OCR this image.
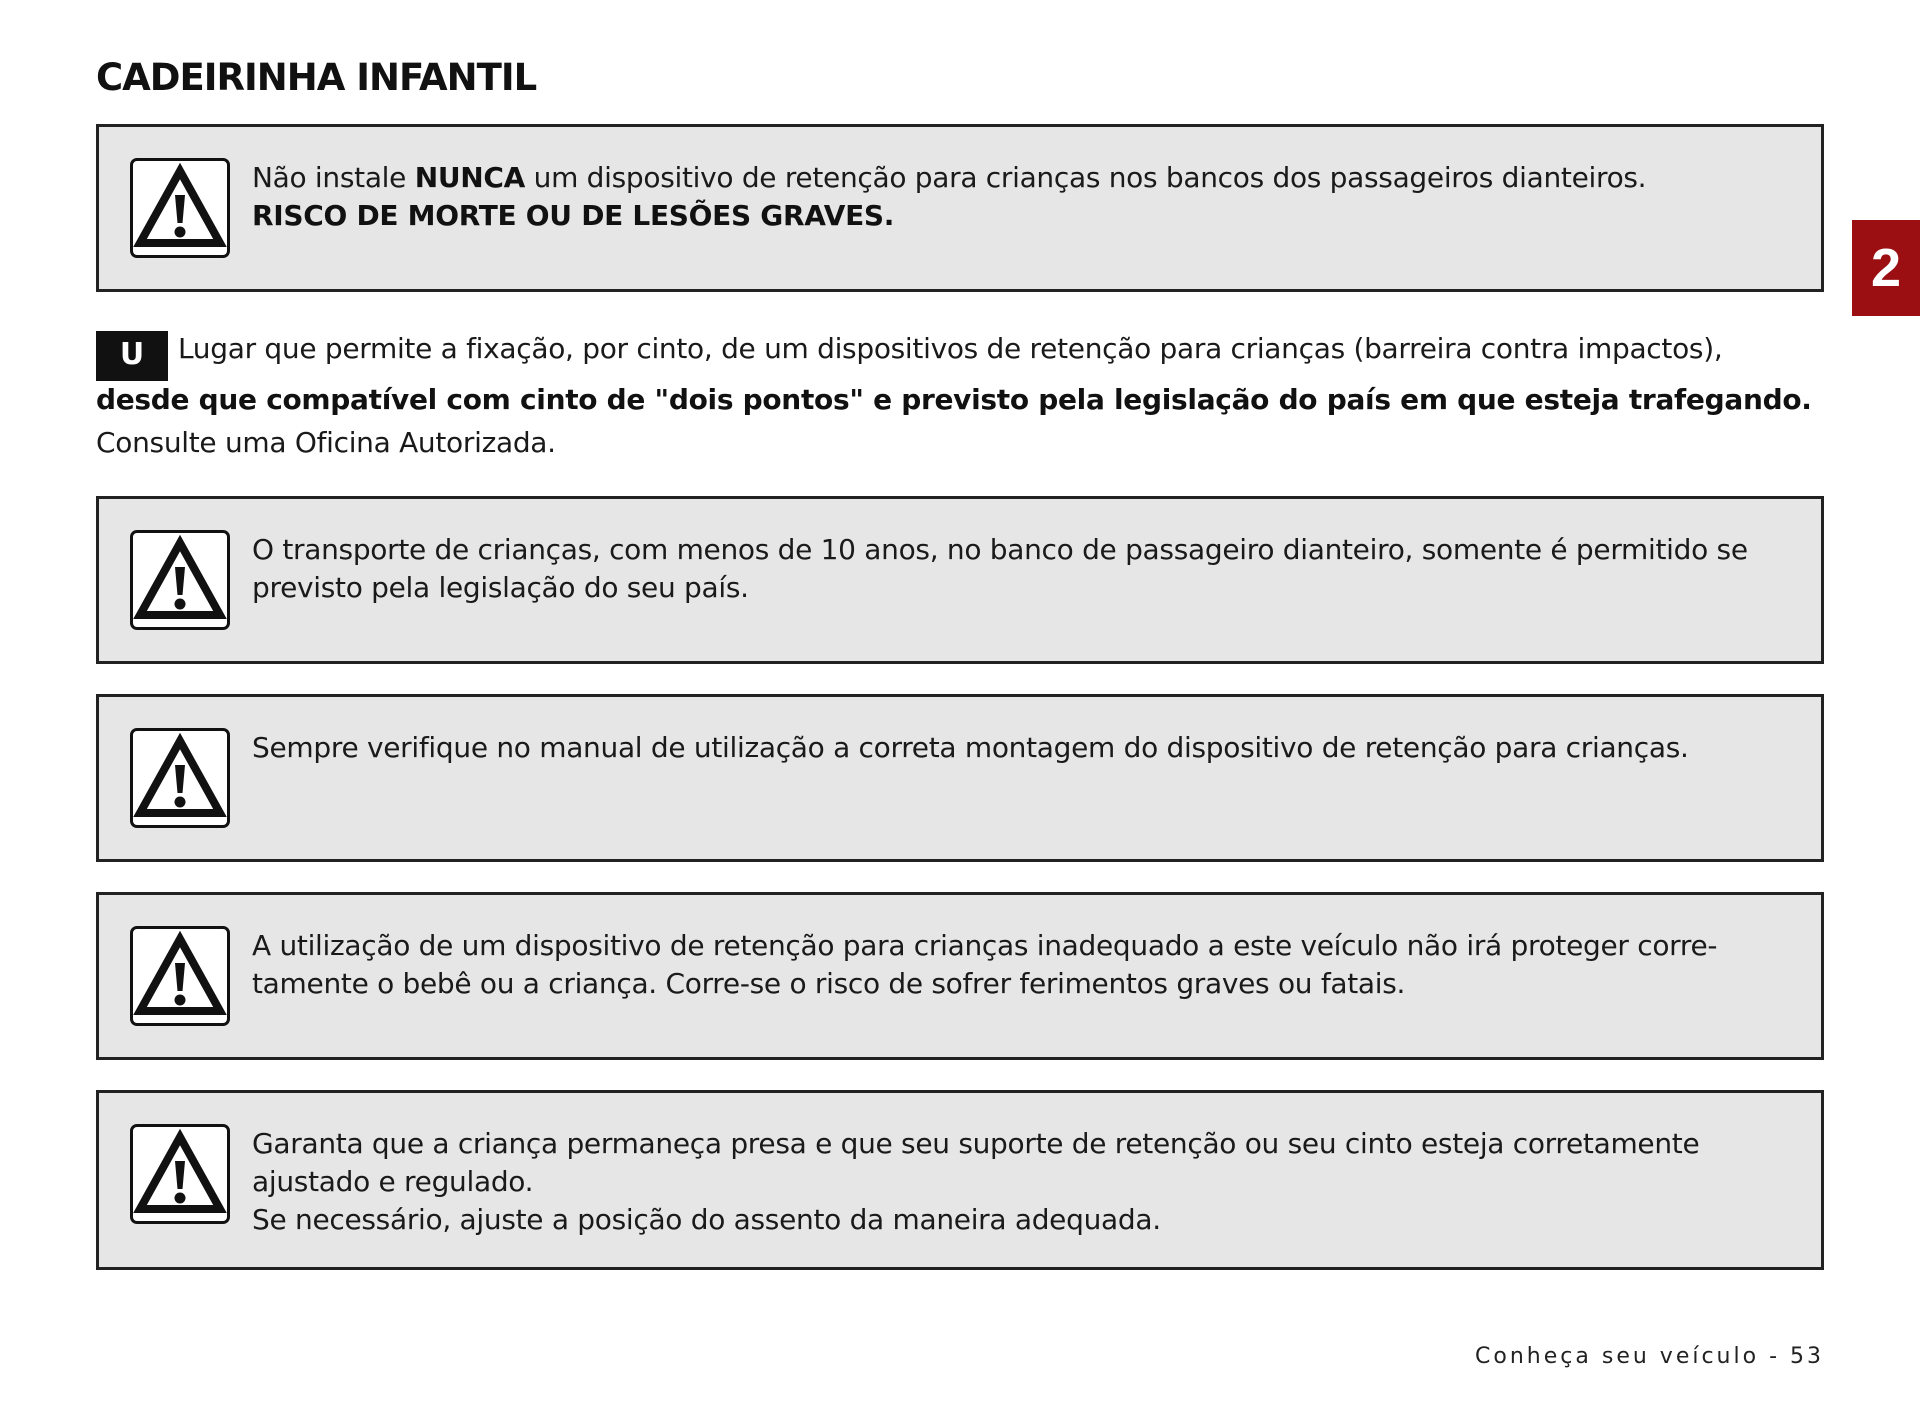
CADEIRINHA INFANTIL
2

Não instale NUNCA um dispositivo de retenção para crianças nos bancos dos passageiros dianteiros.

RISCO DE MORTE OU DE LESÕES GRAVES.

U Lugar que permite a fixação, por cinto, de um dispositivos de retenção para crianças (barreira contra impactos),

desde que compatível com cinto de "dois pontos" e previsto pela legislação do país em que esteja trafegando.

Consulte uma Oficina Autorizada.

O transporte de crianças, com menos de 10 anos, no banco de passageiro dianteiro, somente é permitido se previsto pela legislação do seu país.

Sempre verifique no manual de utilização a correta montagem do dispositivo de retenção para crianças.

A utilização de um dispositivo de retenção para crianças inadequado a este veículo não irá proteger corre-

tamente o bebê ou a criança. Corre-se o risco de sofrer ferimentos graves ou fatais.

Garanta que a criança permaneça presa e que seu suporte de retenção ou seu cinto esteja corretamente ajustado e regulado.

Se necessário, ajuste a posição do assento da maneira adequada.

Conheça seu veículo - 53
